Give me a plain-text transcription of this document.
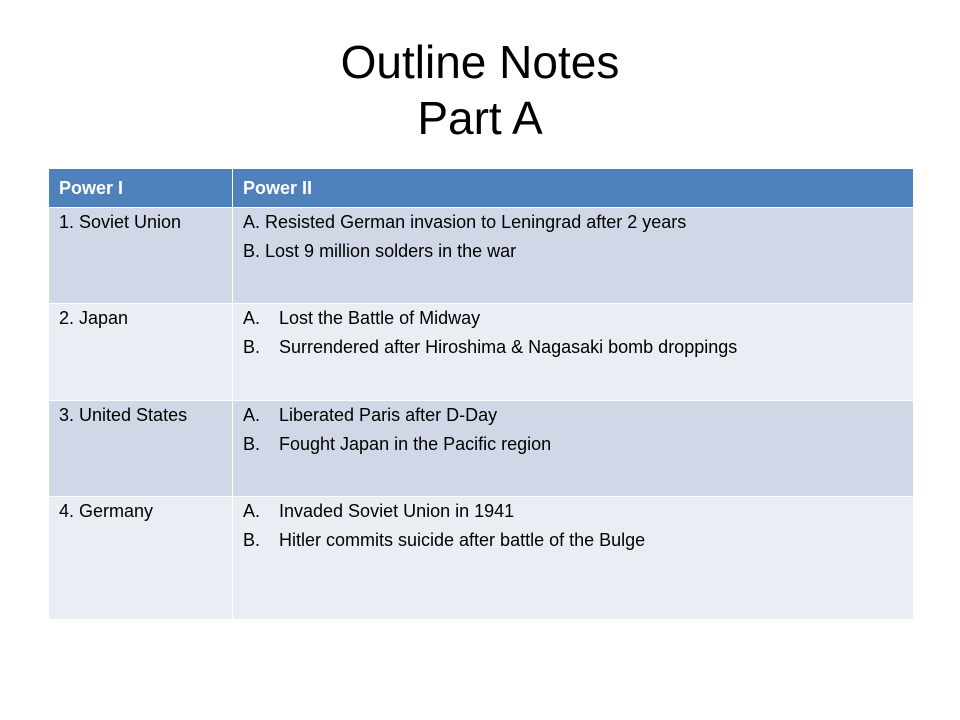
Outline Notes
Part A
Power I	Power II
1. Soviet Union	A. Resisted German invasion to Leningrad after 2 years
B. Lost 9 million solders in the war

2. Japan	A. Lost the Battle of Midway
B. Surrendered after Hiroshima & Nagasaki bomb droppings

3. United States	A. Liberated Paris after D-Day
B. Fought Japan in the Pacific region

4. Germany	A. Invaded Soviet Union in 1941
B. Hitler commits suicide after battle of the Bulge
